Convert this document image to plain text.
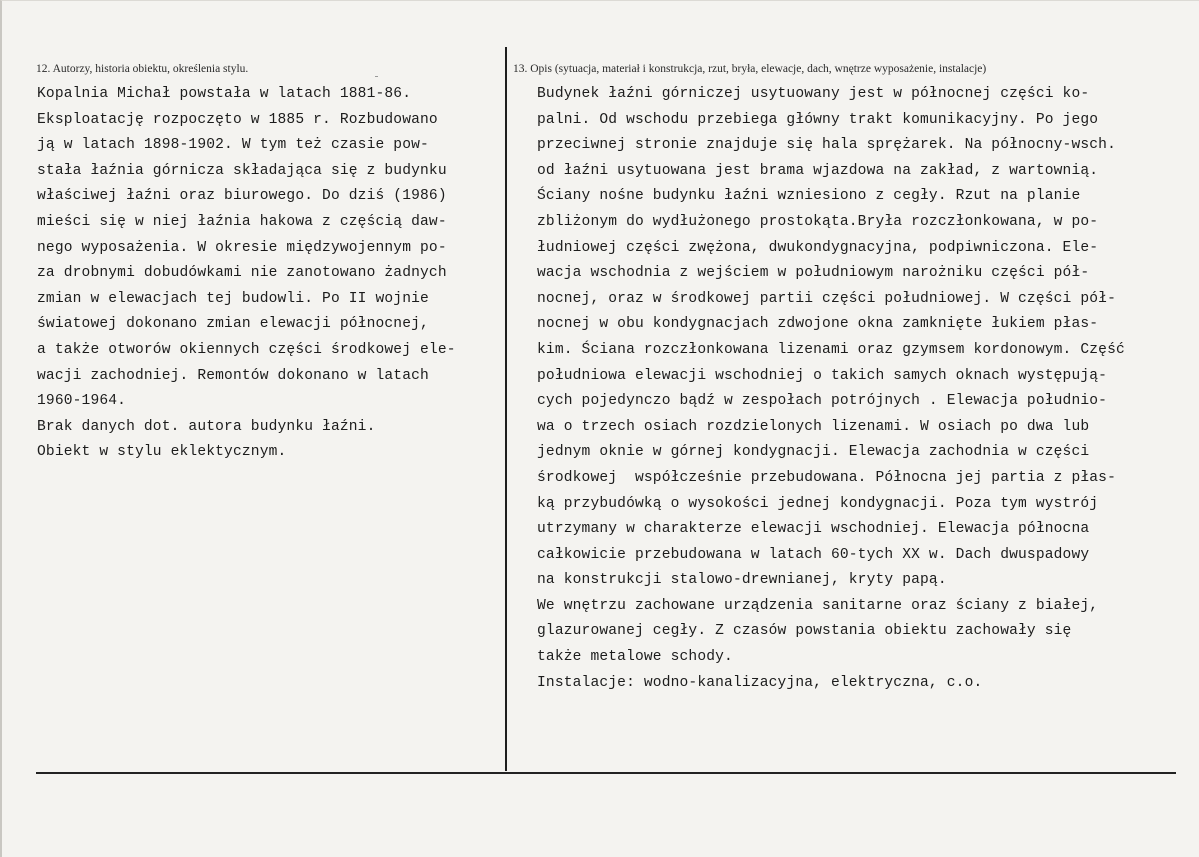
12. Autorzy, historia obiektu, określenia stylu.	13. Opis (sytuacja, materiał i konstrukcja, rzut, bryła, elewacje, dach, wnętrze wyposażenie, instalacje)
Kopalnia Michał powstała w latach 1881-86.
Eksploatację rozpoczęto w 1885 r. Rozbudowano
ją w latach 1898-1902. W tym też czasie pow-
stała łaźnia górnicza składająca się z budynku
właściwej łaźni oraz biurowego. Do dziś (1986)
mieści się w niej łaźnia hakowa z częścią daw-
nego wyposażenia. W okresie międzywojennym po-
za drobnymi dobudówkami nie zanotowano żadnych
zmian w elewacjach tej budowli. Po II wojnie
światowej dokonano zmian elewacji północnej,
a także otworów okiennych części środkowej ele-
wacji zachodniej. Remontów dokonano w latach
1960-1964.
Brak danych dot. autora budynku łaźni.
Obiekt w stylu eklektycznym.
Budynek łaźni górniczej usytuowany jest w północnej części ko-
palni. Od wschodu przebiega główny trakt komunikacyjny. Po jego
przeciwnej stronie znajduje się hala sprężarek. Na północny-wsch.
od łaźni usytuowana jest brama wjazdowa na zakład, z wartownią.
Ściany nośne budynku łaźni wzniesiono z cegły. Rzut na planie
zbliżonym do wydłużonego prostokąta.Bryła rozczłonkowana, w po-
łudniowej części zwężona, dwukondygnacyjna, podpiwniczona. Ele-
wacja wschodnia z wejściem w południowym narożniku części pół-
nocnej, oraz w środkowej partii części południowej. W części pół-
nocnej w obu kondygnacjach zdwojone okna zamknięte łukiem płas-
kim. Ściana rozczłonkowana lizenami oraz gzymsem kordonowym. Część
południowa elewacji wschodniej o takich samych oknach występują-
cych pojedynczo bądź w zespołach potrójnych . Elewacja południo-
wa o trzech osiach rozdzielonych lizenami. W osiach po dwa lub
jednym oknie w górnej kondygnacji. Elewacja zachodnia w części
środkowej  współcześnie przebudowana. Północna jej partia z płas-
ką przybudówką o wysokości jednej kondygnacji. Poza tym wystrój
utrzymany w charakterze elewacji wschodniej. Elewacja północna
całkowicie przebudowana w latach 60-tych XX w. Dach dwuspadowy
na konstrukcji stalowo-drewnianej, kryty papą.
We wnętrzu zachowane urządzenia sanitarne oraz ściany z białej,
glazurowanej cegły. Z czasów powstania obiektu zachowały się
także metalowe schody.
Instalacje: wodno-kanalizacyjna, elektryczna, c.o.
